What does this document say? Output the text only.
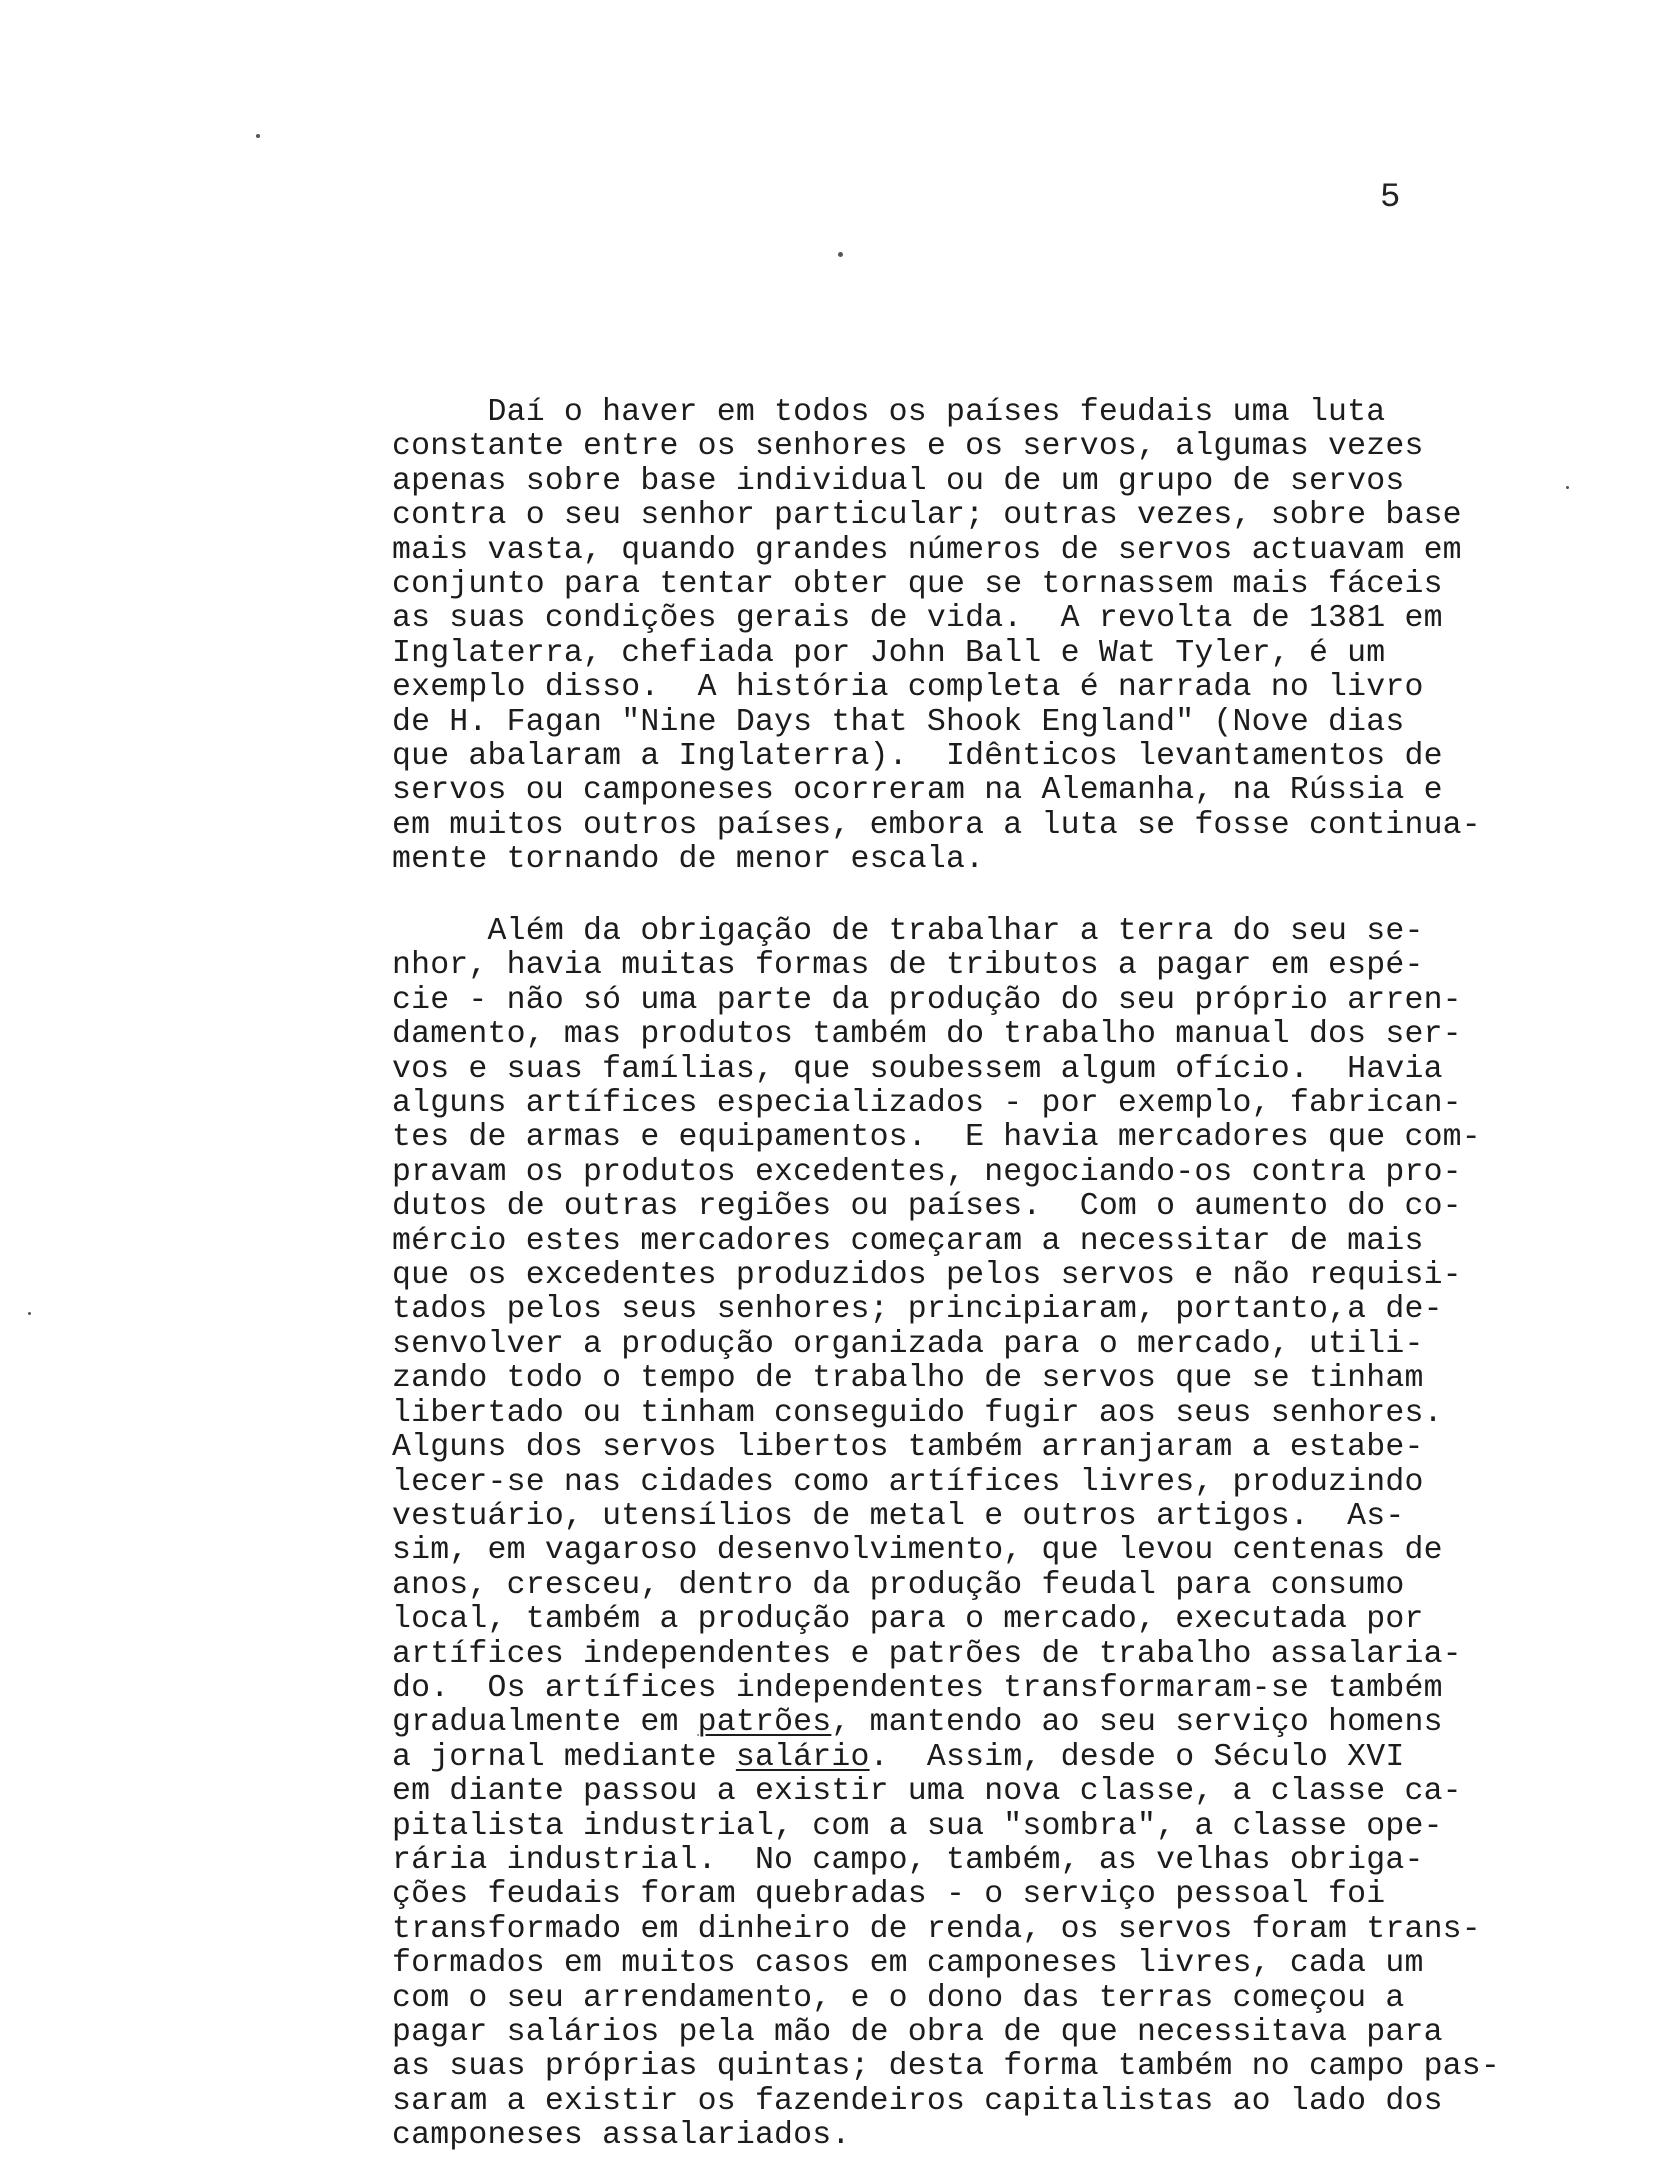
5
Daí o haver em todos os países feudais uma luta
constante entre os senhores e os servos, algumas vezes
apenas sobre base individual ou de um grupo de servos
contra o seu senhor particular; outras vezes, sobre base
mais vasta, quando grandes números de servos actuavam em
conjunto para tentar obter que se tornassem mais fáceis
as suas condições gerais de vida.  A revolta de 1381 em
Inglaterra, chefiada por John Ball e Wat Tyler, é um
exemplo disso.  A história completa é narrada no livro
de H. Fagan "Nine Days that Shook England" (Nove dias
que abalaram a Inglaterra).  Idênticos levantamentos de
servos ou camponeses ocorreram na Alemanha, na Rússia e
em muitos outros países, embora a luta se fosse continua-
mente tornando de menor escala.
Além da obrigação de trabalhar a terra do seu se-
nhor, havia muitas formas de tributos a pagar em espé-
cie - não só uma parte da produção do seu próprio arren-
damento, mas produtos também do trabalho manual dos ser-
vos e suas famílias, que soubessem algum ofício.  Havia
alguns artífices especializados - por exemplo, fabrican-
tes de armas e equipamentos.  E havia mercadores que com-
pravam os produtos excedentes, negociando-os contra pro-
dutos de outras regiões ou países.  Com o aumento do co-
mércio estes mercadores começaram a necessitar de mais
que os excedentes produzidos pelos servos e não requisi-
tados pelos seus senhores; principiaram, portanto,a de-
senvolver a produção organizada para o mercado, utili-
zando todo o tempo de trabalho de servos que se tinham
libertado ou tinham conseguido fugir aos seus senhores.
Alguns dos servos libertos também arranjaram a estabe-
lecer-se nas cidades como artífices livres, produzindo
vestuário, utensílios de metal e outros artigos.  As-
sim, em vagaroso desenvolvimento, que levou centenas de
anos, cresceu, dentro da produção feudal para consumo
local, também a produção para o mercado, executada por
artífices independentes e patrões de trabalho assalaria-
do.  Os artífices independentes transformaram-se também
gradualmente em patrões, mantendo ao seu serviço homens
a jornal mediante salário.  Assim, desde o Século XVI
em diante passou a existir uma nova classe, a classe ca-
pitalista industrial, com a sua "sombra", a classe ope-
rária industrial.  No campo, também, as velhas obriga-
ções feudais foram quebradas - o serviço pessoal foi
transformado em dinheiro de renda, os servos foram trans-
formados em muitos casos em camponeses livres, cada um
com o seu arrendamento, e o dono das terras começou a
pagar salários pela mão de obra de que necessitava para
as suas próprias quintas; desta forma também no campo pas-
saram a existir os fazendeiros capitalistas ao lado dos
camponeses assalariados.
